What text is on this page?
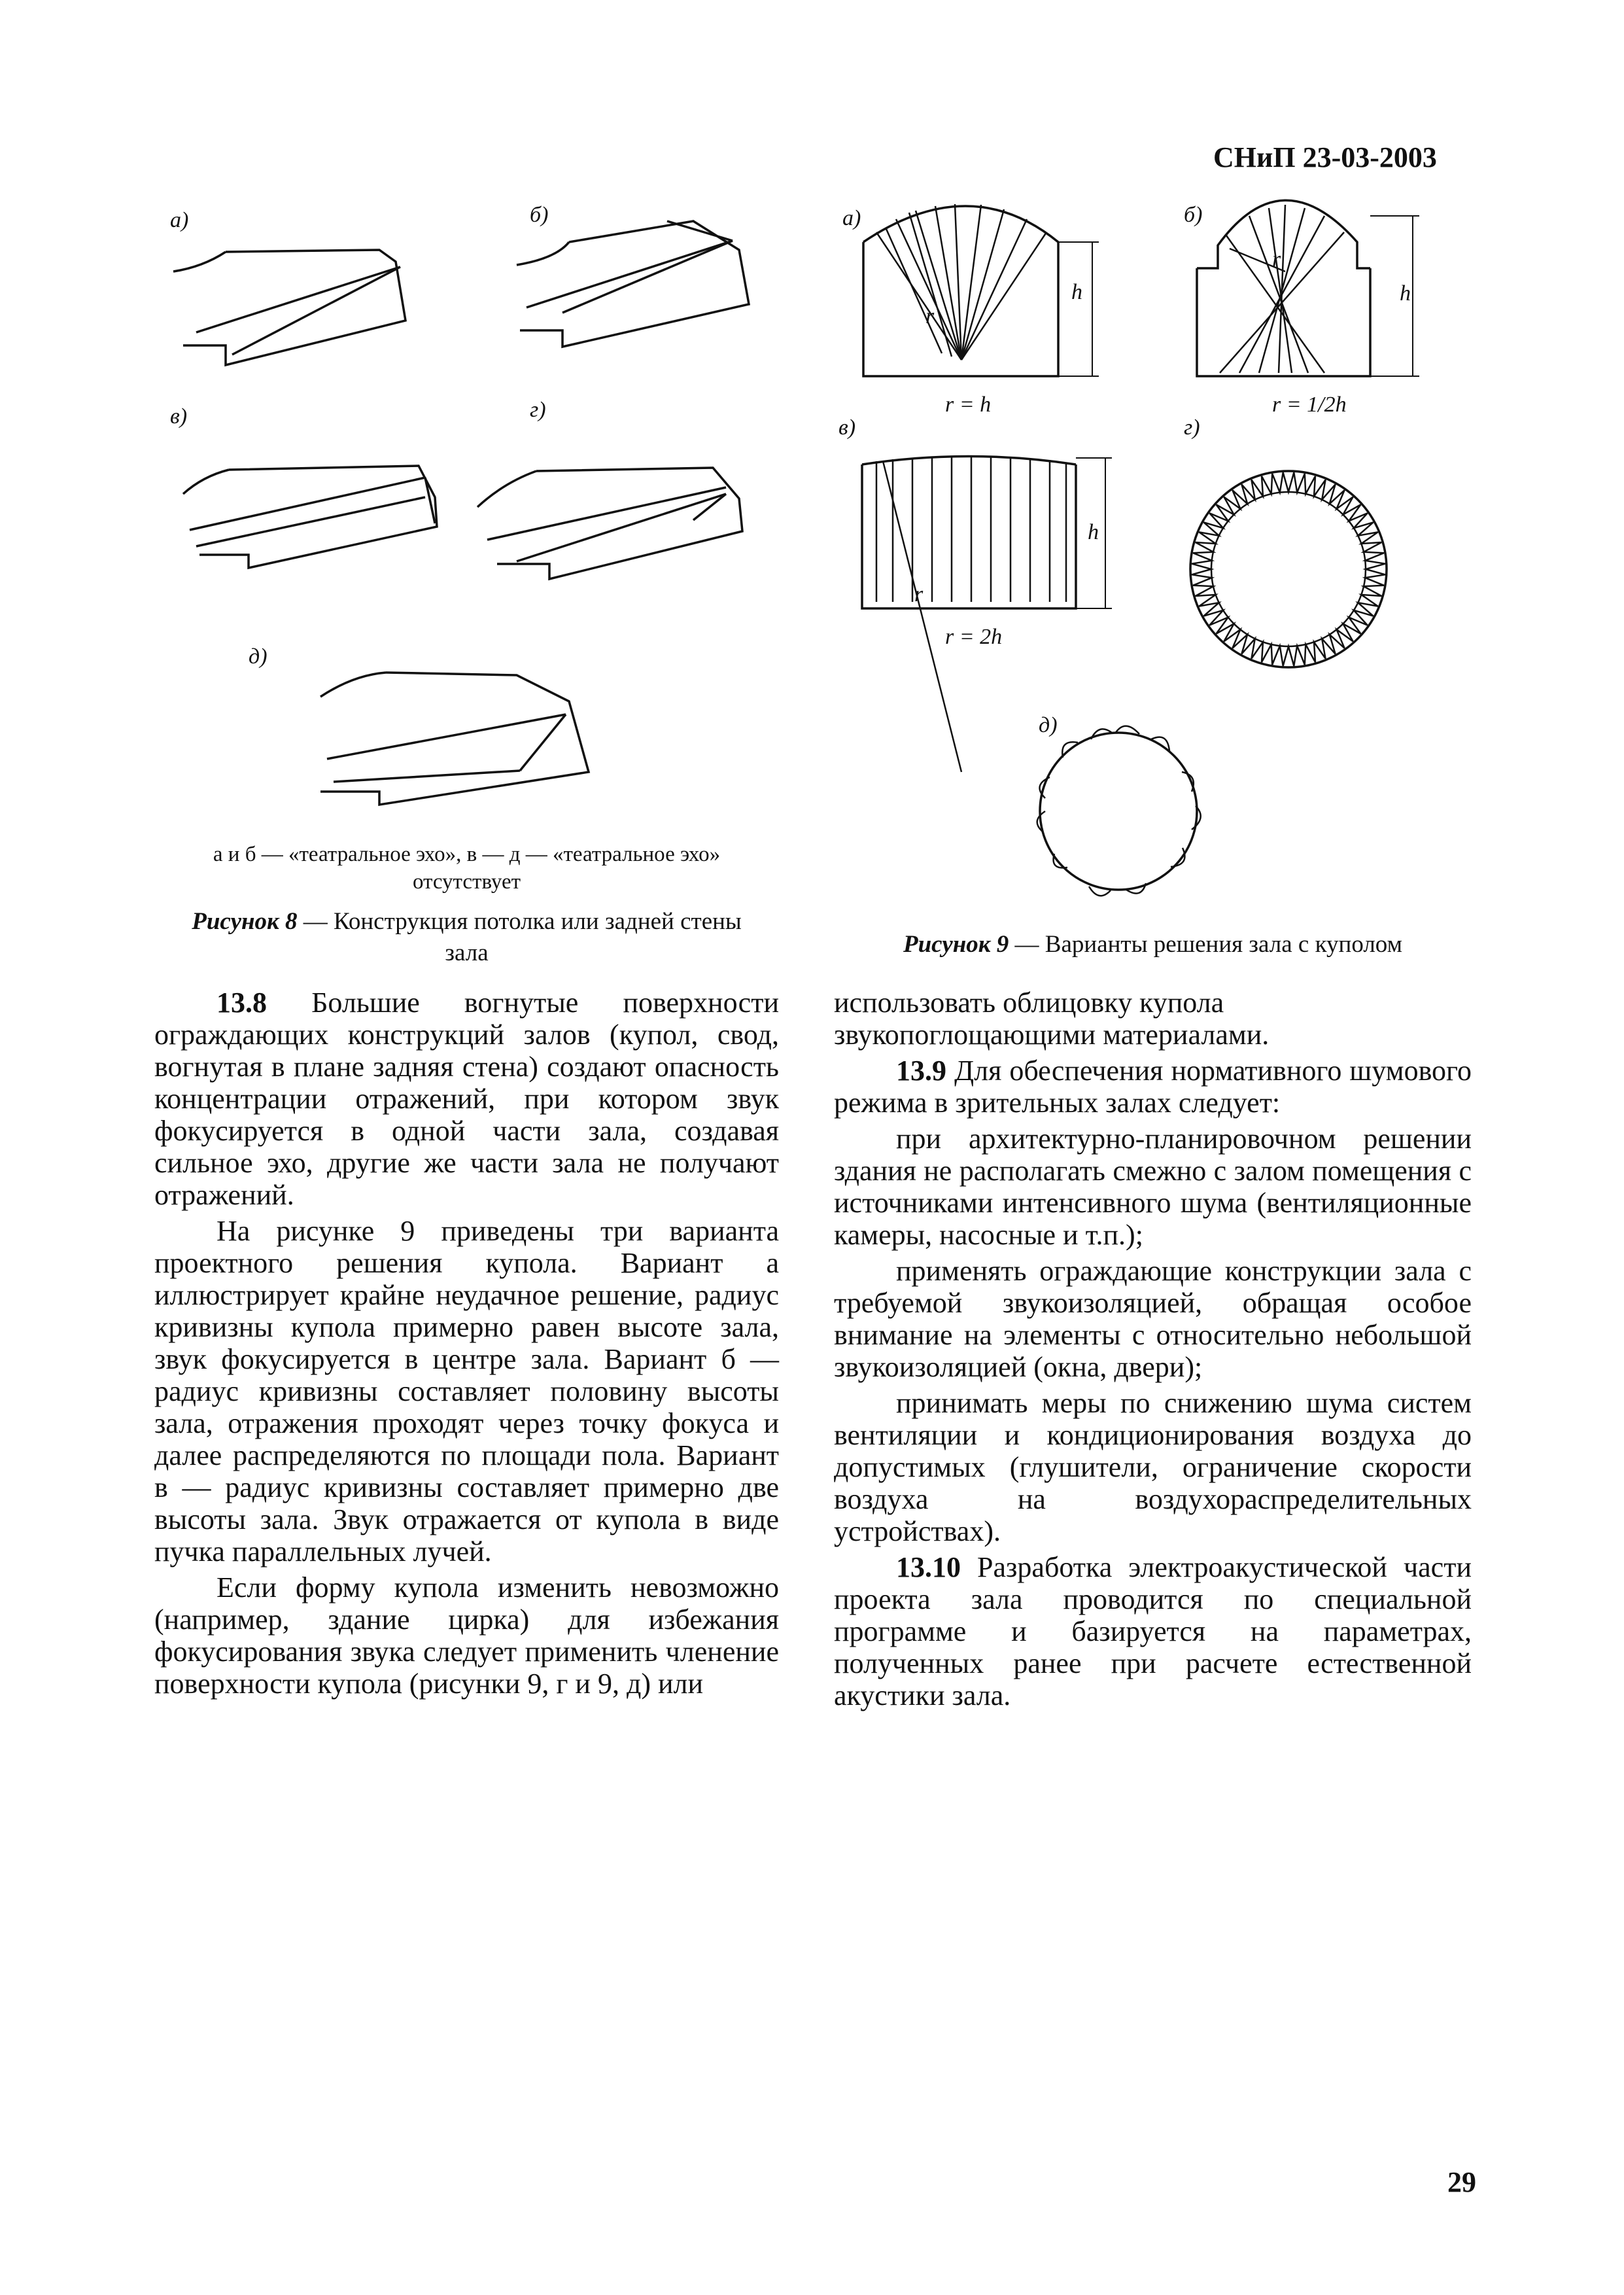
СНиП 23-03-2003
а)	б)
в)	г)
д)
а и б — «театральное эхо», в — д — «театральное эхо»
отсутствует
Рисунок 8 — Конструкция потолка или задней стены
зала
а)	б)
в)	г)
д)
h
r
r = h
h
r
r = 1/2h
h
r
r = 2h
Рисунок 9 — Варианты решения зала с куполом

13.8 Большие вогнутые поверхности ограждающих конструкций залов (купол, свод, вогнутая в плане задняя стена) создают опасность концентрации отражений, при котором звук фокусируется в одной части зала, создавая сильное эхо, другие же части зала не получают отражений.

На рисунке 9 приведены три варианта проектного решения купола. Вариант а иллюстрирует крайне неудачное решение, радиус кривизны купола примерно равен высоте зала, звук фокусируется в центре зала. Вариант б — радиус кривизны составляет половину высоты зала, отражения проходят через точку фокуса и далее распределяются по площади пола. Вариант в — радиус кривизны составляет примерно две высоты зала. Звук отражается от купола в виде пучка параллельных лучей.

Если форму купола изменить невозможно (например, здание цирка) для избежания фокусирования звука следует применить членение поверхности купола (рисунки 9, г и 9, д) или

использовать облицовку купола звукопоглощающими материалами.

13.9 Для обеспечения нормативного шумового режима в зрительных залах следует:

при архитектурно-планировочном решении здания не располагать смежно с залом помещения с источниками интенсивного шума (вентиляционные камеры, насосные и т.п.);

применять ограждающие конструкции зала с требуемой звукоизоляцией, обращая особое внимание на элементы с относительно небольшой звукоизоляцией (окна, двери);

принимать меры по снижению шума систем вентиляции и кондиционирования воздуха до допустимых (глушители, ограничение скорости воздуха на воздухораспределительных устройствах).

13.10 Разработка электроакустической части проекта зала проводится по специальной программе и базируется на параметрах, полученных ранее при расчете естественной акустики зала.

29
